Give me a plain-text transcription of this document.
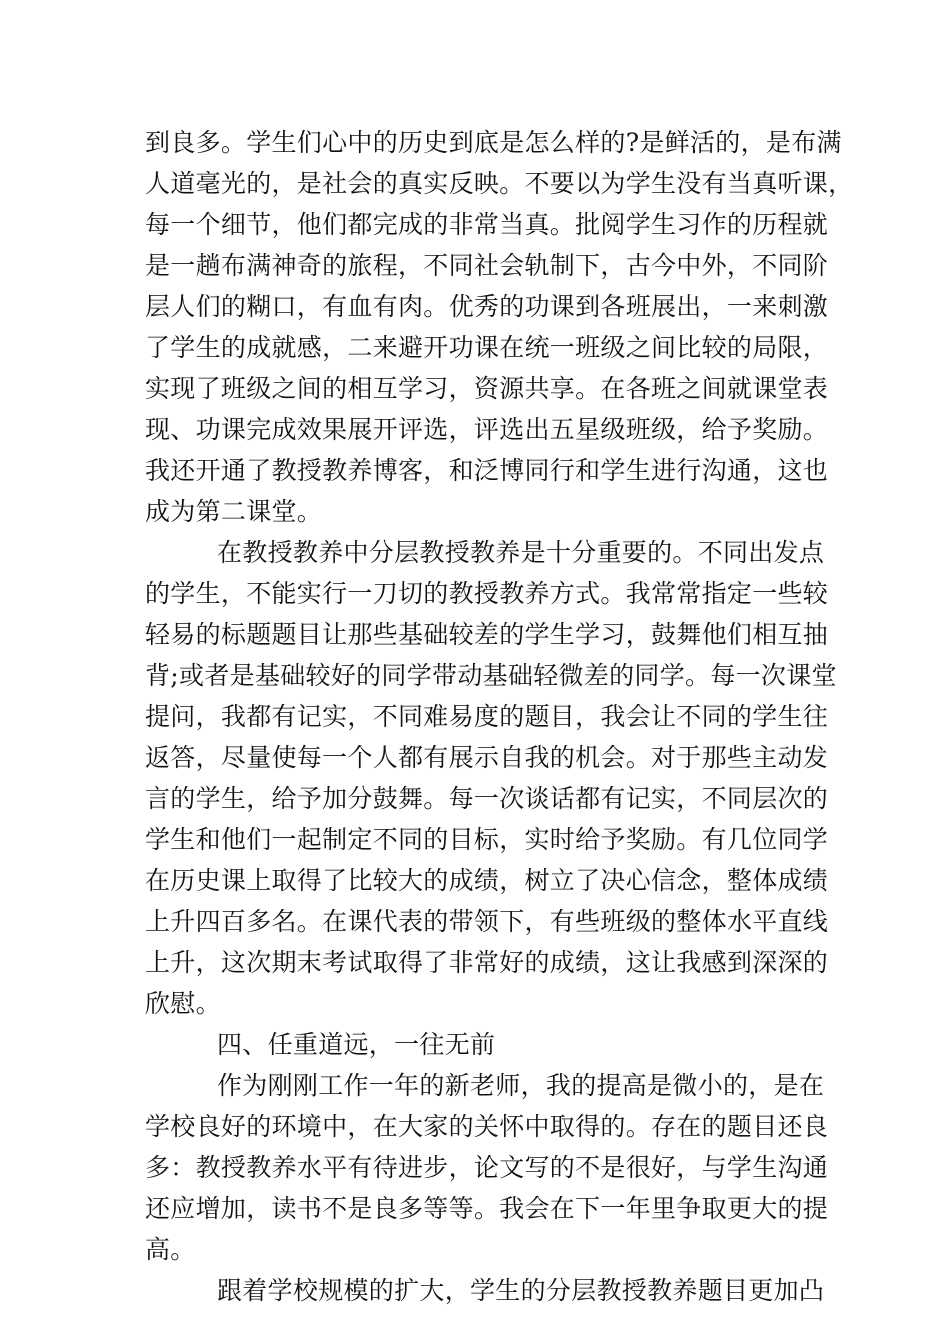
到良多。学生们心中的历史到底是怎么样的?是鲜活的，是布满
人道毫光的，是社会的真实反映。不要以为学生没有当真听课，
每一个细节，他们都完成的非常当真。批阅学生习作的历程就
是一趟布满神奇的旅程，不同社会轨制下，古今中外，不同阶
层人们的糊口，有血有肉。优秀的功课到各班展出，一来刺激
了学生的成就感，二来避开功课在统一班级之间比较的局限，
实现了班级之间的相互学习，资源共享。在各班之间就课堂表
现、功课完成效果展开评选，评选出五星级班级，给予奖励。
我还开通了教授教养博客，和泛博同行和学生进行沟通，这也
成为第二课堂。
在教授教养中分层教授教养是十分重要的。不同出发点
的学生，不能实行一刀切的教授教养方式。我常常指定一些较
轻易的标题题目让那些基础较差的学生学习，鼓舞他们相互抽
背;或者是基础较好的同学带动基础轻微差的同学。每一次课堂
提问，我都有记实，不同难易度的题目，我会让不同的学生往
返答，尽量使每一个人都有展示自我的机会。对于那些主动发
言的学生，给予加分鼓舞。每一次谈话都有记实，不同层次的
学生和他们一起制定不同的目标，实时给予奖励。有几位同学
在历史课上取得了比较大的成绩，树立了决心信念，整体成绩
上升四百多名。在课代表的带领下，有些班级的整体水平直线
上升，这次期末考试取得了非常好的成绩，这让我感到深深的
欣慰。
四、任重道远，一往无前
作为刚刚工作一年的新老师，我的提高是微小的，是在
学校良好的环境中，在大家的关怀中取得的。存在的题目还良
多：教授教养水平有待进步，论文写的不是很好，与学生沟通
还应增加，读书不是良多等等。我会在下一年里争取更大的提
高。
跟着学校规模的扩大，学生的分层教授教养题目更加凸
